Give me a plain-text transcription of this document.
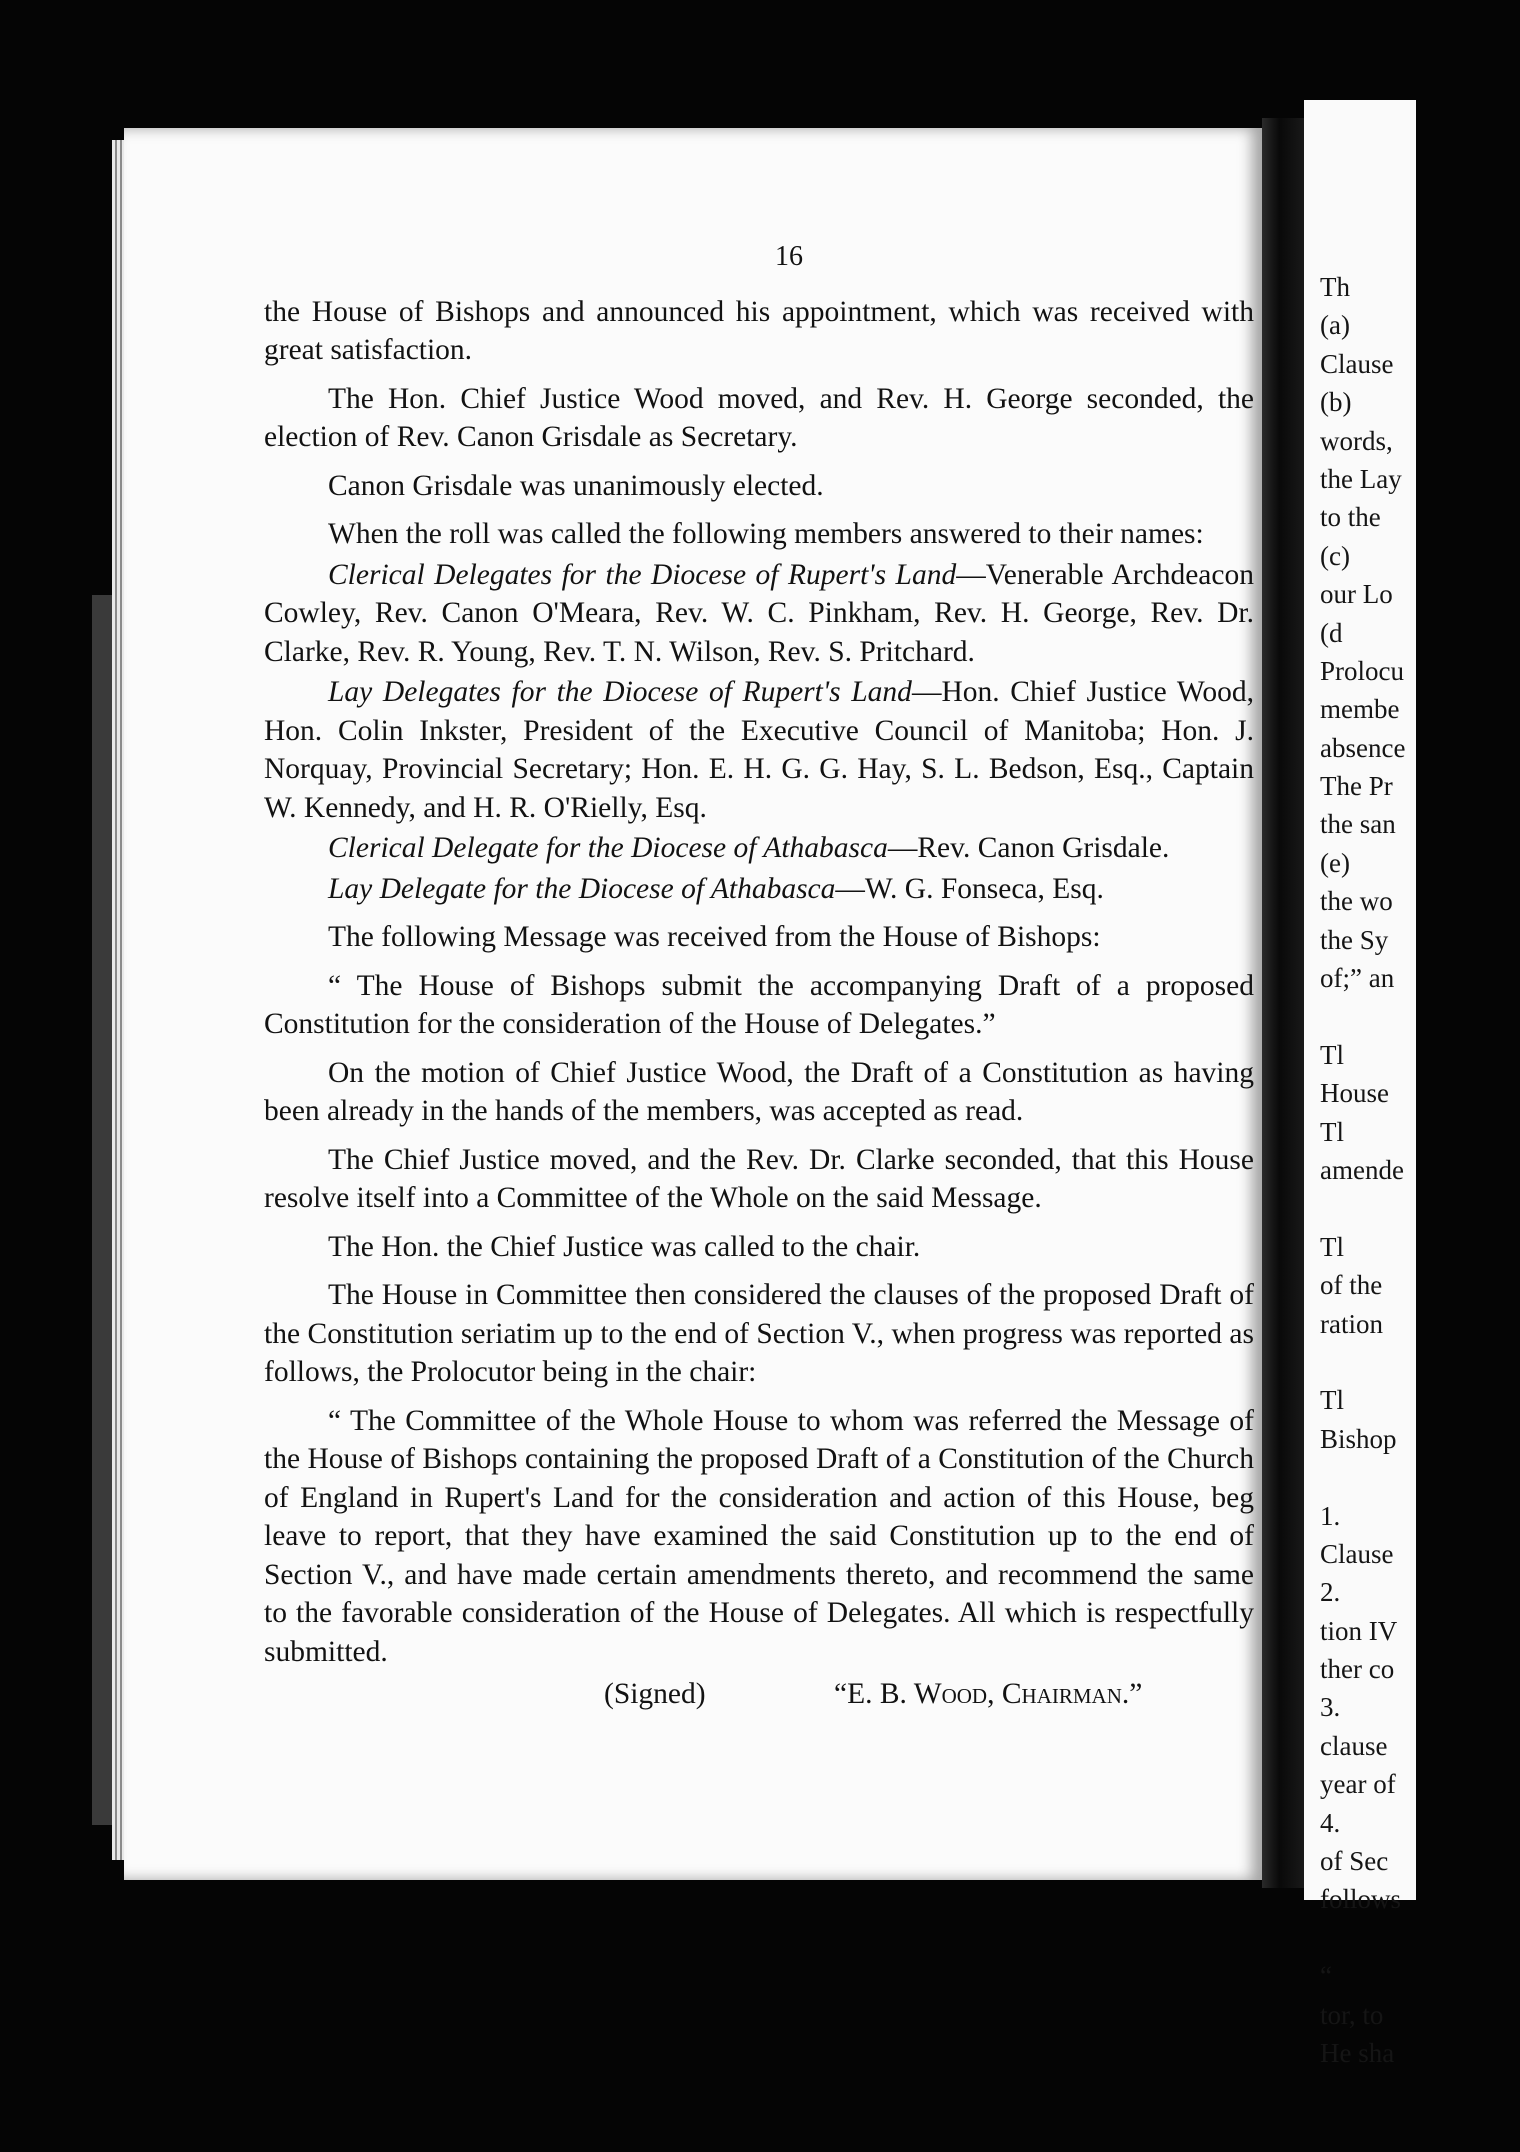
16

the House of Bishops and announced his appointment, which was received with great satisfaction.

The Hon. Chief Justice Wood moved, and Rev. H. George seconded, the election of Rev. Canon Grisdale as Secretary.

Canon Grisdale was unanimously elected.

When the roll was called the following members answered to their names:

Clerical Delegates for the Diocese of Rupert's Land—Venerable Archdeacon Cowley, Rev. Canon O'Meara, Rev. W. C. Pinkham, Rev. H. George, Rev. Dr. Clarke, Rev. R. Young, Rev. T. N. Wilson, Rev. S. Pritchard.

Lay Delegates for the Diocese of Rupert's Land—Hon. Chief Justice Wood, Hon. Colin Inkster, President of the Executive Council of Manitoba; Hon. J. Norquay, Provincial Secretary; Hon. E. H. G. G. Hay, S. L. Bedson, Esq., Captain W. Kennedy, and H. R. O'Rielly, Esq.

Clerical Delegate for the Diocese of Athabasca—Rev. Canon Grisdale.

Lay Delegate for the Diocese of Athabasca—W. G. Fonseca, Esq.

The following Message was received from the House of Bishops:

“ The House of Bishops submit the accompanying Draft of a proposed Constitution for the consideration of the House of Delegates.”

On the motion of Chief Justice Wood, the Draft of a Constitution as having been already in the hands of the members, was accepted as read.

The Chief Justice moved, and the Rev. Dr. Clarke seconded, that this House resolve itself into a Committee of the Whole on the said Message.

The Hon. the Chief Justice was called to the chair.

The House in Committee then considered the clauses of the proposed Draft of the Constitution seriatim up to the end of Section V., when progress was reported as follows, the Prolocutor being in the chair:

“ The Committee of the Whole House to whom was referred the Message of the House of Bishops containing the proposed Draft of a Constitution of the Church of England in Rupert's Land for the consideration and action of this House, beg leave to report, that they have examined the said Constitution up to the end of Section V., and have made certain amendments thereto, and recommend the same to the favorable consideration of the House of Delegates. All which is respectfully submitted.

(Signed)	“E. B. Wood, Chairman.”
Th
(a)
Clause
(b)
words,
the Lay
to the
(c)
our Lo
(d
Prolocu
membe
absence
The Pr
the san
(e)
the wo
the Sy
of;” an
Tl
House
Tl
amende
Tl
of the
ration
Tl
Bishop
1.
Clause
2.
tion IV
ther co
3.
clause
year of
4.
of Sec
follows
“
tor, to
He sha
